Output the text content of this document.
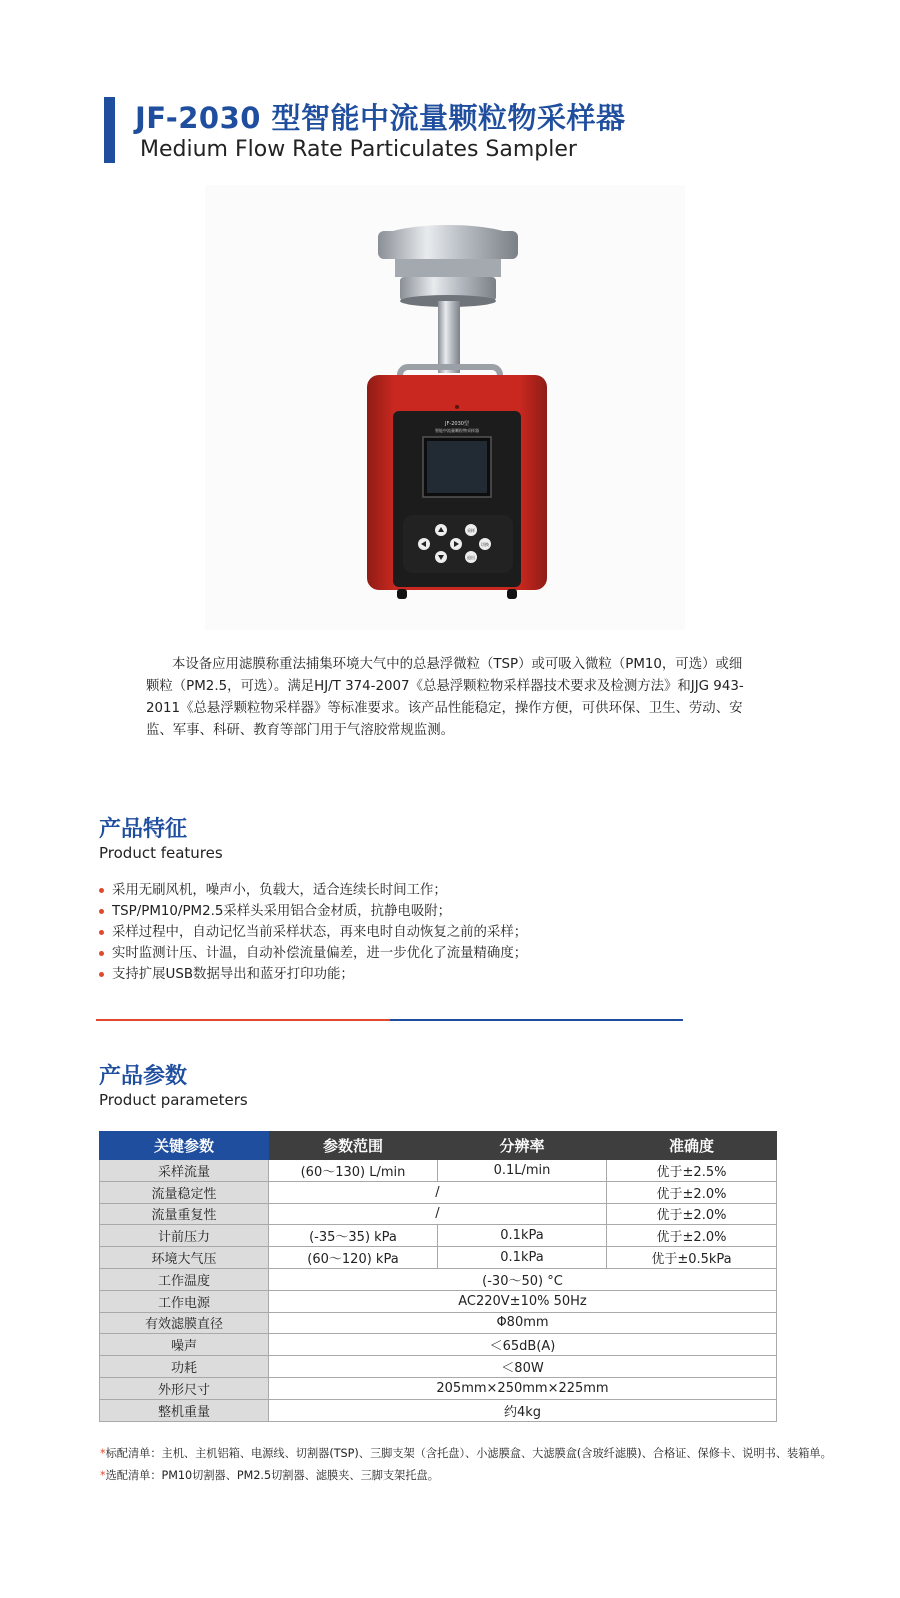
JF-2030 型智能中流量颗粒物采样器
Medium Flow Rate Particulates Sampler
JF-2030型
智能中流量颗粒物采样器
采样
切换
退出
本设备应用滤膜称重法捕集环境大气中的总悬浮微粒（TSP）或可吸入微粒（PM10，可选）或细颗粒（PM2.5，可选）。满足HJ/T 374-2007《总悬浮颗粒物采样器技术要求及检测方法》和JJG 943-2011《总悬浮颗粒物采样器》等标准要求。该产品性能稳定，操作方便，可供环保、卫生、劳动、安监、军事、科研、教育等部门用于气溶胶常规监测。
产品特征
Product features
采用无刷风机，噪声小，负载大，适合连续长时间工作；
TSP/PM10/PM2.5采样头采用铝合金材质，抗静电吸附；
采样过程中，自动记忆当前采样状态，再来电时自动恢复之前的采样；
实时监测计压、计温，自动补偿流量偏差，进一步优化了流量精确度；
支持扩展USB数据导出和蓝牙打印功能；
产品参数
Product parameters
关键参数	参数范围	分辨率	准确度
采样流量	(60～130) L/min	0.1L/min	优于±2.5%
流量稳定性	/		优于±2.0%
流量重复性	/		优于±2.0%
计前压力	(-35～35) kPa	0.1kPa	优于±2.0%
环境大气压	(60～120) kPa	0.1kPa	优于±0.5kPa
工作温度	(-30～50) °C		
工作电源	AC220V±10% 50Hz		
有效滤膜直径	Φ80mm		
噪声	＜65dB(A)		
功耗	＜80W		
外形尺寸	205mm×250mm×225mm		
整机重量	约4kg		
*标配清单：主机、主机铝箱、电源线、切割器(TSP)、三脚支架（含托盘）、小滤膜盒、大滤膜盒(含玻纤滤膜)、合格证、保修卡、说明书、装箱单。
*选配清单：PM10切割器、PM2.5切割器、滤膜夹、三脚支架托盘。
